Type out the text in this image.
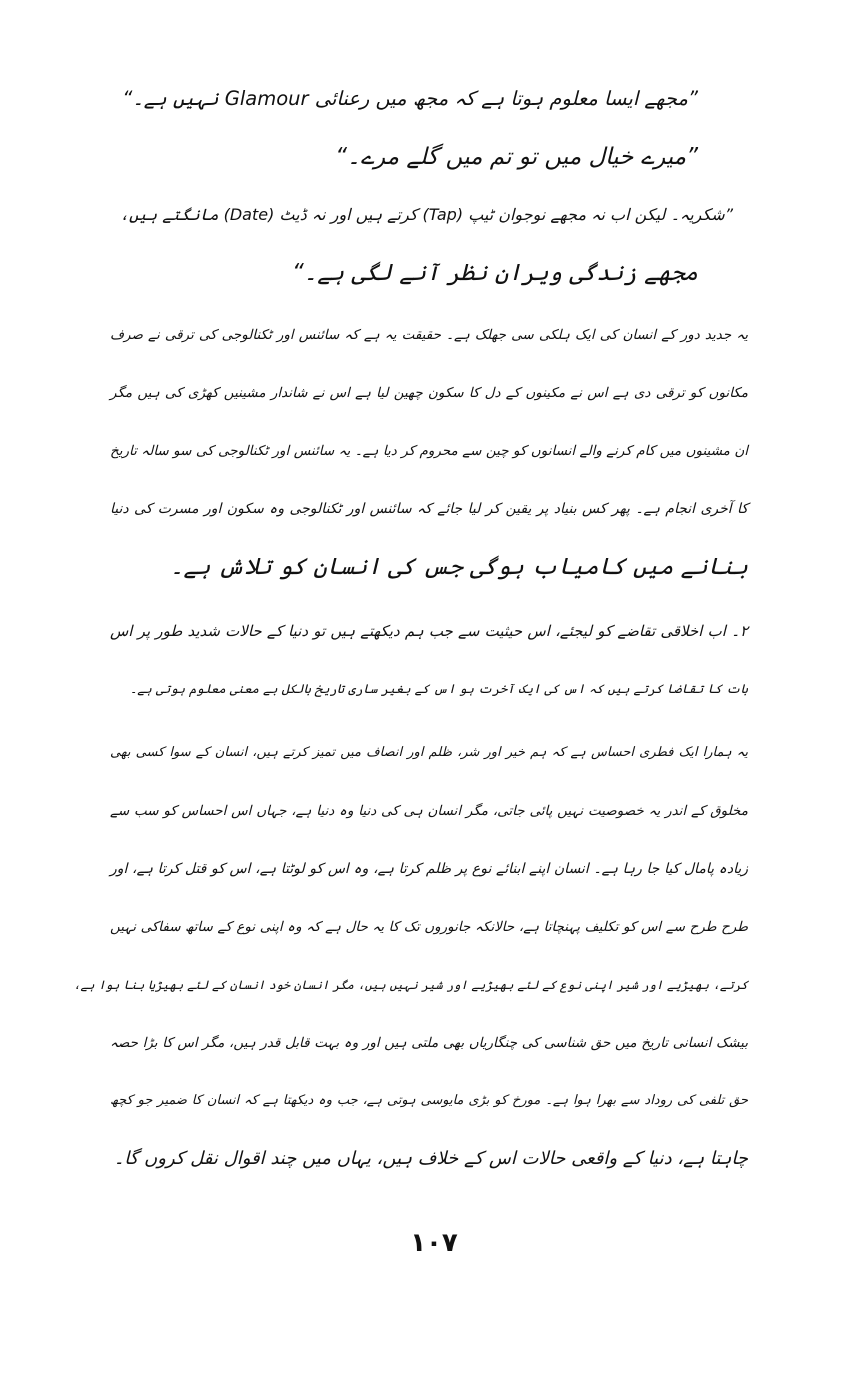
”مجھے ایسا معلوم ہوتا ہے کہ مجھ میں رعنائی Glamour نہیں ہے۔“
”میرے خیال میں تو تم میں گلے مرے۔“
”شکریہ۔ لیکن اب نہ مجھے نوجوان ٹیپ (Tap) کرتے ہیں اور نہ ڈیٹ (Date) مانگتے ہیں،
مجھے زندگی ویران نظر آنے لگی ہے۔“
یہ جدید دور کے انسان کی ایک ہلکی سی جھلک ہے۔ حقیقت یہ ہے کہ سائنس اور ٹکنالوجی کی ترقی نے صرف
مکانوں کو ترقی دی ہے اس نے مکینوں کے دل کا سکون چھین لیا ہے اس نے شاندار مشینیں کھڑی کی ہیں مگر
ان مشینوں میں کام کرنے والے انسانوں کو چین سے محروم کر دیا ہے۔ یہ سائنس اور ٹکنالوجی کی سو سالہ تاریخ
کا آخری انجام ہے۔ پھر کس بنیاد پر یقین کر لیا جائے کہ سائنس اور ٹکنالوجی وہ سکون اور مسرت کی دنیا
بنانے میں کامیاب ہوگی جس کی انسان کو تلاش ہے۔
۲۔ اب اخلاقی تقاضے کو لیجئے، اس حیثیت سے جب ہم دیکھتے ہیں تو دنیا کے حالات شدید طور پر اس
بات کا تقاضا کرتے ہیں کہ اس کی ایک آخرت ہو اس کے بغیر ساری تاریخ بالکل بے معنی معلوم ہوتی ہے۔
یہ ہمارا ایک فطری احساس ہے کہ ہم خیر اور شر، ظلم اور انصاف میں تمیز کرتے ہیں، انسان کے سوا کسی بھی
مخلوق کے اندر یہ خصوصیت نہیں پائی جاتی، مگر انسان ہی کی دنیا وہ دنیا ہے، جہاں اس احساس کو سب سے
زیادہ پامال کیا جا رہا ہے۔ انسان اپنے ابنائے نوع پر ظلم کرتا ہے، وہ اس کو لوٹتا ہے، اس کو قتل کرتا ہے، اور
طرح طرح سے اس کو تکلیف پہنچاتا ہے، حالانکہ جانوروں تک کا یہ حال ہے کہ وہ اپنی نوع کے ساتھ سفاکی نہیں
کرتے، بھیڑیے اور شیر اپنی نوع کے لئے بھیڑیے اور شیر نہیں ہیں، مگر انسان خود انسان کے لئے بھیڑیا بنا ہوا ہے،
بیشک انسانی تاریخ میں حق شناسی کی چنگاریاں بھی ملتی ہیں اور وہ بہت قابل قدر ہیں، مگر اس کا بڑا حصہ
حق تلفی کی روداد سے بھرا ہوا ہے۔ مورخ کو بڑی مایوسی ہوتی ہے، جب وہ دیکھتا ہے کہ انسان کا ضمیر جو کچھ
چاہتا ہے، دنیا کے واقعی حالات اس کے خلاف ہیں، یہاں میں چند اقوال نقل کروں گا۔
۱۰۷
